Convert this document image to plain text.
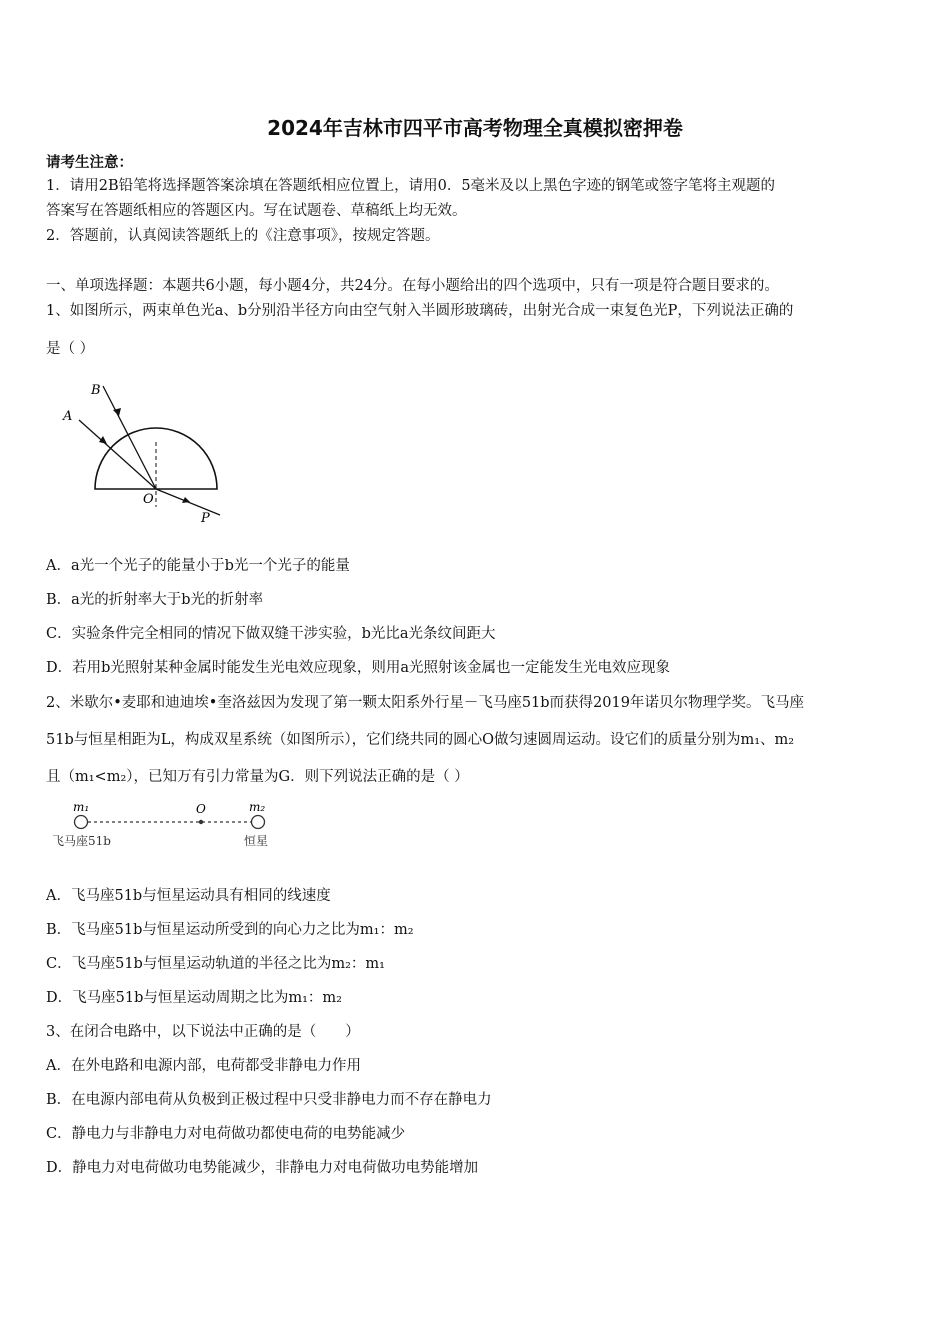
2024年吉林市四平市高考物理全真模拟密押卷
请考生注意：
1．请用2B铅笔将选择题答案涂填在答题纸相应位置上，请用0．5毫米及以上黑色字迹的钢笔或签字笔将主观题的
答案写在答题纸相应的答题区内。写在试题卷、草稿纸上均无效。
2．答题前，认真阅读答题纸上的《注意事项》，按规定答题。
一、单项选择题：本题共6小题，每小题4分，共24分。在每小题给出的四个选项中，只有一项是符合题目要求的。
1、如图所示，两束单色光a、b分别沿半径方向由空气射入半圆形玻璃砖，出射光合成一束复色光P，下列说法正确的
是（ ）
A
B
O
P
A．a光一个光子的能量小于b光一个光子的能量
B．a光的折射率大于b光的折射率
C．实验条件完全相同的情况下做双缝干涉实验，b光比a光条纹间距大
D．若用b光照射某种金属时能发生光电效应现象，则用a光照射该金属也一定能发生光电效应现象
2、米歇尔•麦耶和迪迪埃•奎洛兹因为发现了第一颗太阳系外行星－飞马座51b而获得2019年诺贝尔物理学奖。飞马座
51b与恒星相距为L，构成双星系统（如图所示），它们绕共同的圆心O做匀速圆周运动。设它们的质量分别为m₁、m₂
且（m₁<m₂），已知万有引力常量为G．则下列说法正确的是（ ）
m₁	O	m₂
飞马座51b	恒星
A．飞马座51b与恒星运动具有相同的线速度
B．飞马座51b与恒星运动所受到的向心力之比为m₁：m₂
C．飞马座51b与恒星运动轨道的半径之比为m₂：m₁
D．飞马座51b与恒星运动周期之比为m₁：m₂
3、在闭合电路中，以下说法中正确的是（　　）
A．在外电路和电源内部，电荷都受非静电力作用
B．在电源内部电荷从负极到正极过程中只受非静电力而不存在静电力
C．静电力与非静电力对电荷做功都使电荷的电势能减少
D．静电力对电荷做功电势能减少，非静电力对电荷做功电势能增加
